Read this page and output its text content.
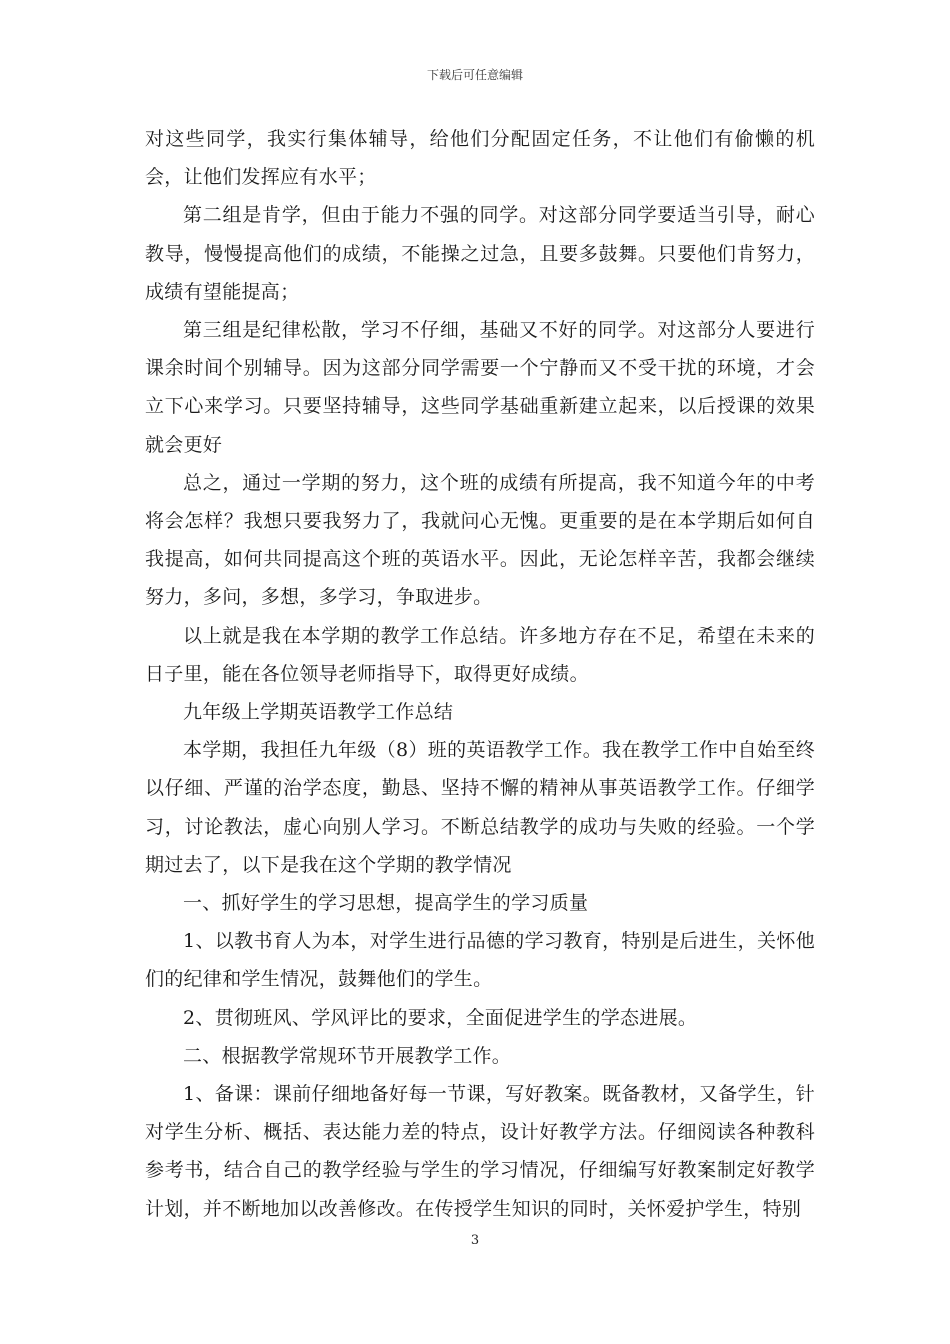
下载后可任意编辑

对这些同学，我实行集体辅导，给他们分配固定任务，不让他们有偷懒的机会，让他们发挥应有水平；

第二组是肯学，但由于能力不强的同学。对这部分同学要适当引导，耐心教导，慢慢提高他们的成绩，不能操之过急，且要多鼓舞。只要他们肯努力，成绩有望能提高；

第三组是纪律松散，学习不仔细，基础又不好的同学。对这部分人要进行课余时间个别辅导。因为这部分同学需要一个宁静而又不受干扰的环境，才会立下心来学习。只要坚持辅导，这些同学基础重新建立起来，以后授课的效果就会更好

总之，通过一学期的努力，这个班的成绩有所提高，我不知道今年的中考将会怎样？我想只要我努力了，我就问心无愧。更重要的是在本学期后如何自我提高，如何共同提高这个班的英语水平。因此，无论怎样辛苦，我都会继续努力，多问，多想，多学习，争取进步。

以上就是我在本学期的教学工作总结。许多地方存在不足，希望在未来的日子里，能在各位领导老师指导下，取得更好成绩。

九年级上学期英语教学工作总结

本学期，我担任九年级（8）班的英语教学工作。我在教学工作中自始至终以仔细、严谨的治学态度，勤恳、坚持不懈的精神从事英语教学工作。仔细学习，讨论教法，虚心向别人学习。不断总结教学的成功与失败的经验。一个学期过去了，以下是我在这个学期的教学情况

一、抓好学生的学习思想，提高学生的学习质量

1、以教书育人为本，对学生进行品德的学习教育，特别是后进生，关怀他们的纪律和学生情况，鼓舞他们的学生。

2、贯彻班风、学风评比的要求，全面促进学生的学态进展。

二、根据教学常规环节开展教学工作。

1、备课：课前仔细地备好每一节课，写好教案。既备教材，又备学生，针对学生分析、概括、表达能力差的特点，设计好教学方法。仔细阅读各种教科参考书，结合自己的教学经验与学生的学习情况，仔细编写好教案制定好教学计划，并不断地加以改善修改。在传授学生知识的同时，关怀爱护学生，特别

3
